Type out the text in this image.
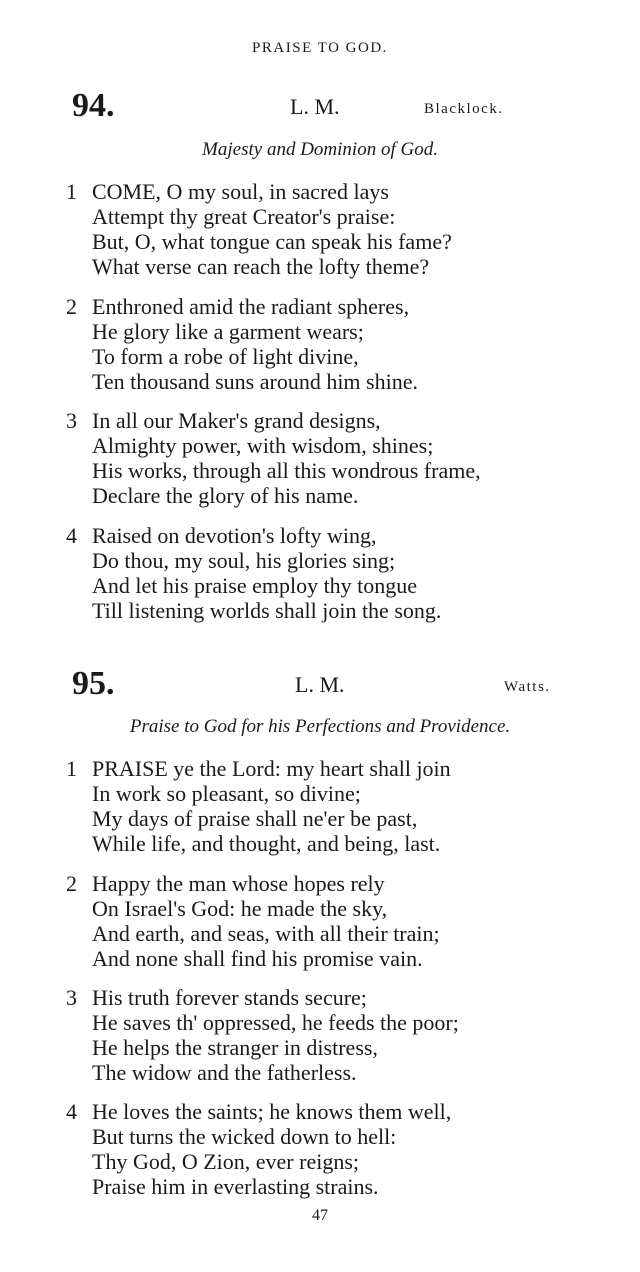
PRAISE TO GOD.
94.	L. M.	Blacklock.
Majesty and Dominion of God.
1 COME, O my soul, in sacred lays
Attempt thy great Creator's praise:
But, O, what tongue can speak his fame?
What verse can reach the lofty theme?
2 Enthroned amid the radiant spheres,
He glory like a garment wears;
To form a robe of light divine,
Ten thousand suns around him shine.
3 In all our Maker's grand designs,
Almighty power, with wisdom, shines;
His works, through all this wondrous frame,
Declare the glory of his name.
4 Raised on devotion's lofty wing,
Do thou, my soul, his glories sing;
And let his praise employ thy tongue
Till listening worlds shall join the song.
95.	L. M.	Watts.
Praise to God for his Perfections and Providence.
1 PRAISE ye the Lord: my heart shall join
In work so pleasant, so divine;
My days of praise shall ne'er be past,
While life, and thought, and being, last.
2 Happy the man whose hopes rely
On Israel's God: he made the sky,
And earth, and seas, with all their train;
And none shall find his promise vain.
3 His truth forever stands secure;
He saves th' oppressed, he feeds the poor;
He helps the stranger in distress,
The widow and the fatherless.
4 He loves the saints; he knows them well,
But turns the wicked down to hell:
Thy God, O Zion, ever reigns;
Praise him in everlasting strains.
47
